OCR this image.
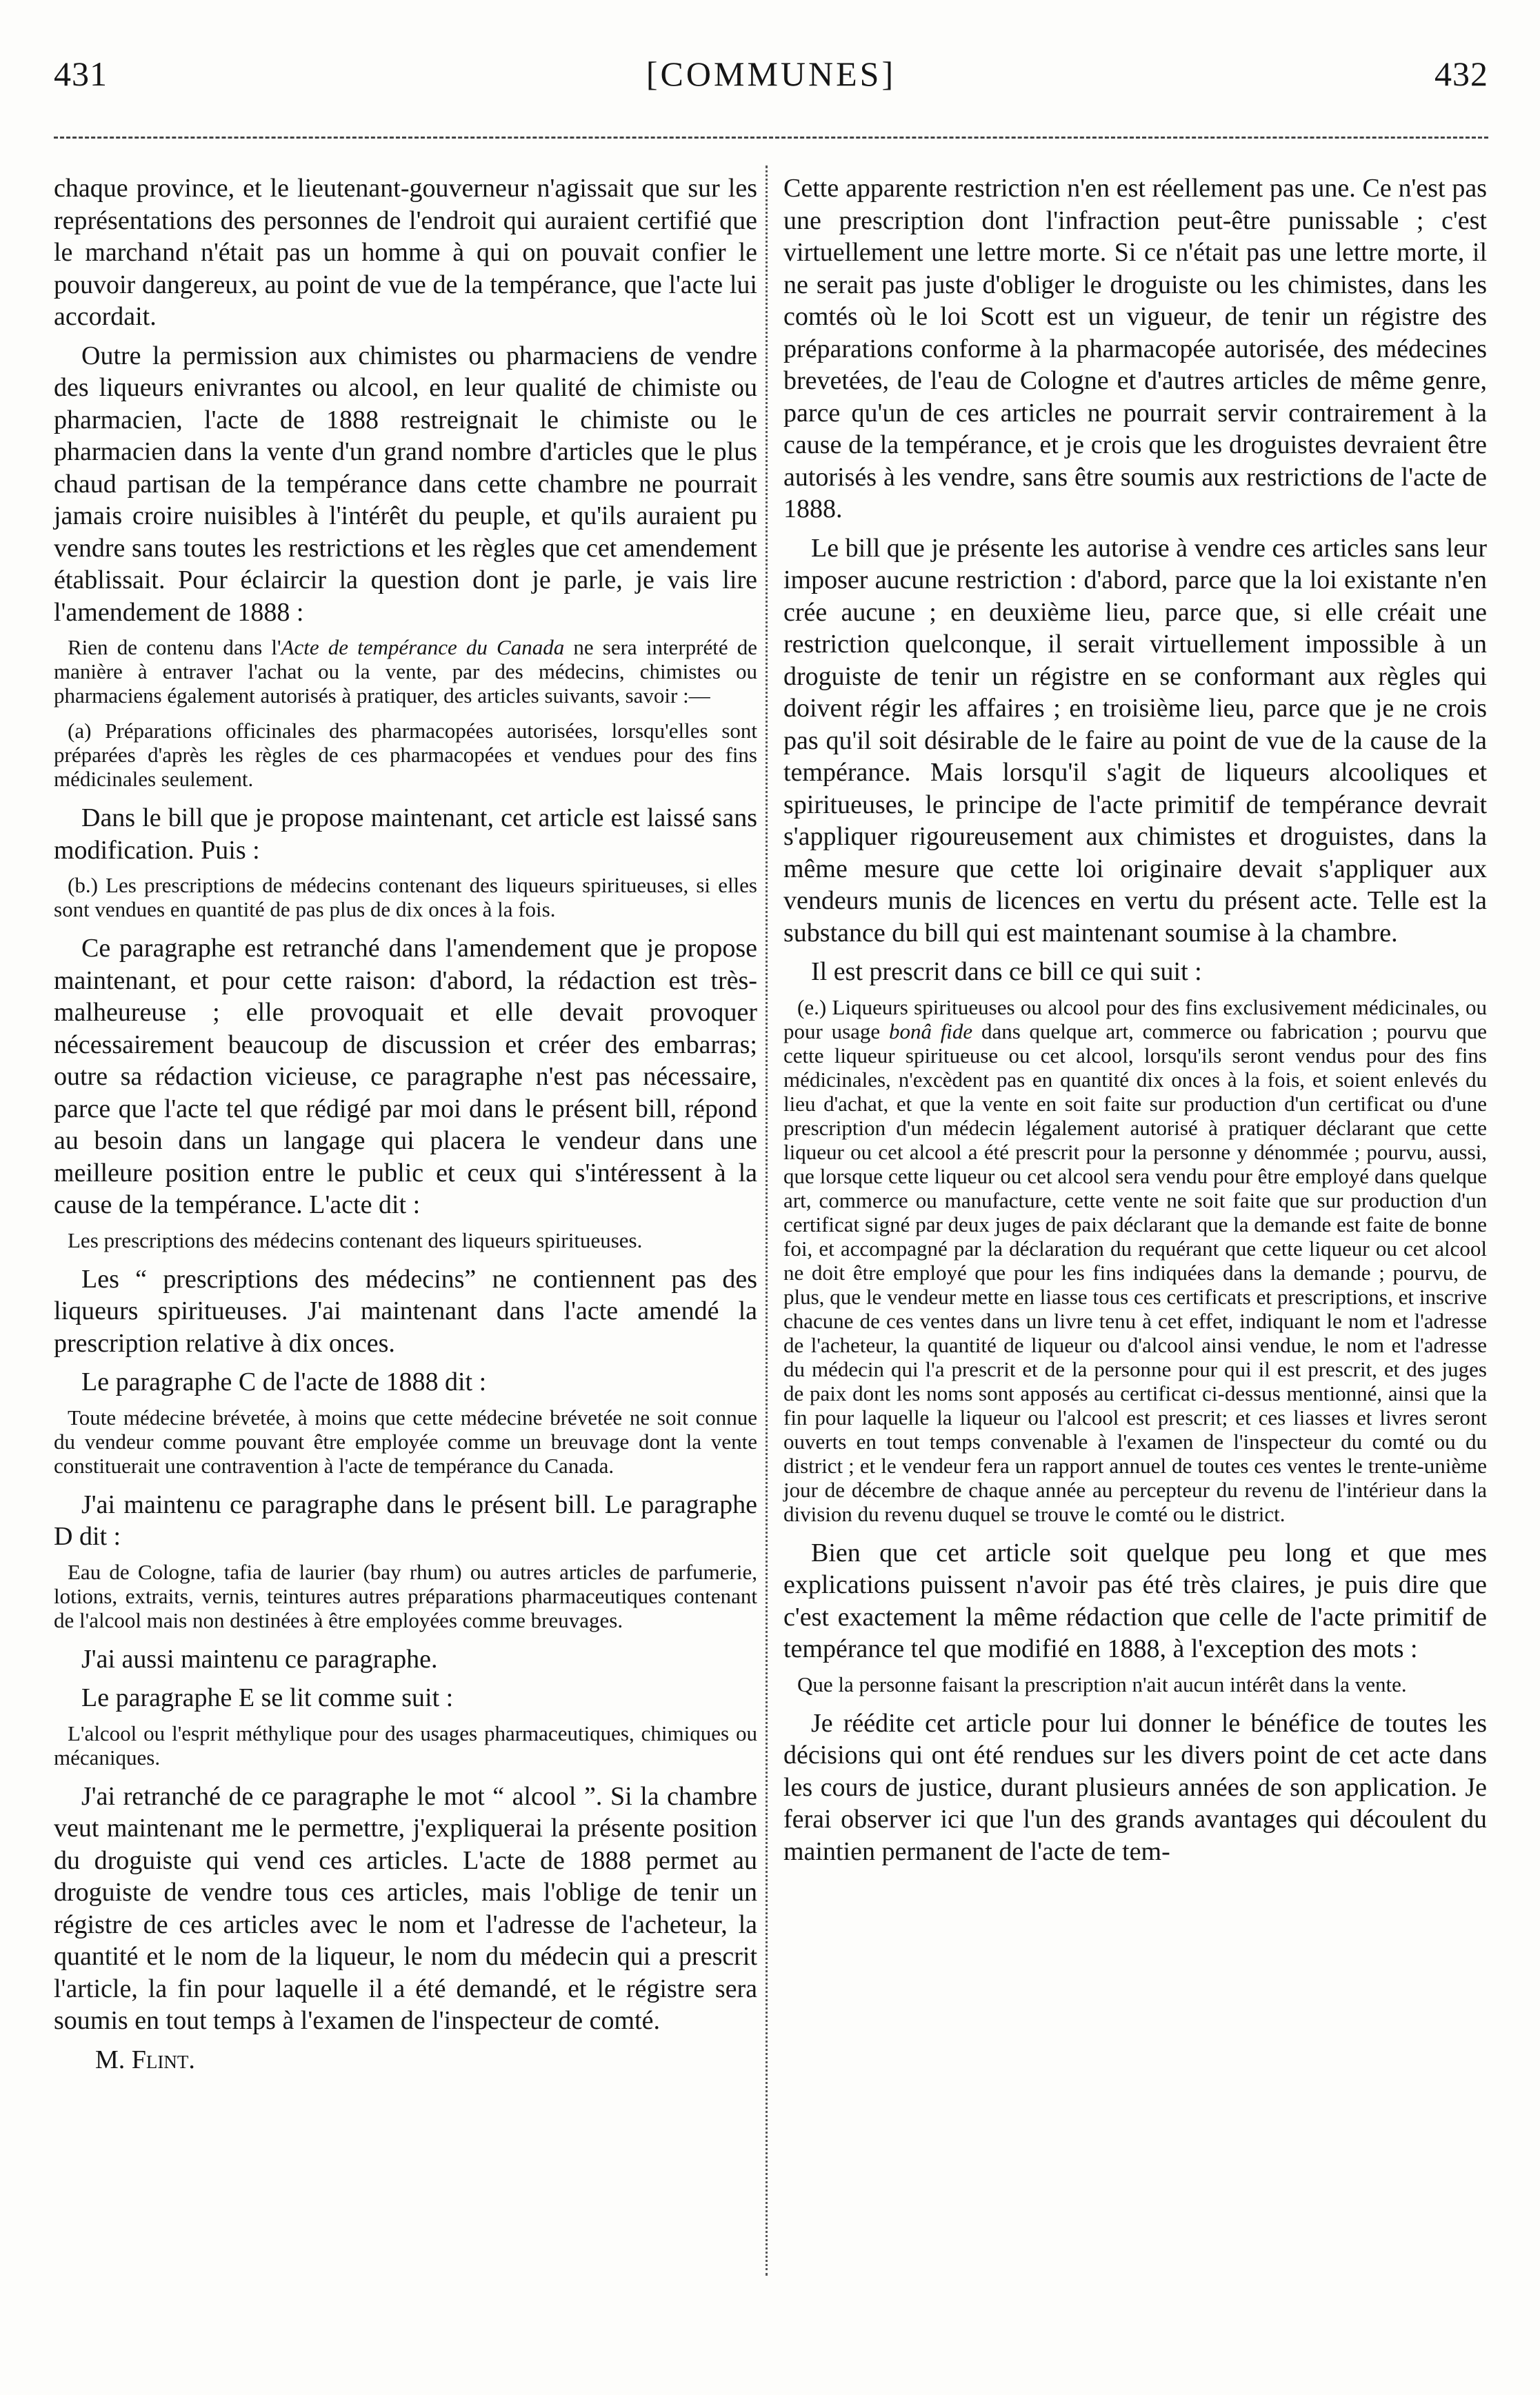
431	[COMMUNES]	432

chaque province, et le lieutenant-gouverneur n'agissait que sur les représentations des personnes de l'endroit qui auraient certifié que le marchand n'était pas un homme à qui on pouvait confier le pouvoir dangereux, au point de vue de la tempérance, que l'acte lui accordait.

Outre la permission aux chimistes ou pharmaciens de vendre des liqueurs enivrantes ou alcool, en leur qualité de chimiste ou pharmacien, l'acte de 1888 restreignait le chimiste ou le pharmacien dans la vente d'un grand nombre d'articles que le plus chaud partisan de la tempérance dans cette chambre ne pourrait jamais croire nuisibles à l'intérêt du peuple, et qu'ils auraient pu vendre sans toutes les restrictions et les règles que cet amendement établissait. Pour éclaircir la question dont je parle, je vais lire l'amendement de 1888 :

Rien de contenu dans l'Acte de tempérance du Canada ne sera interprété de manière à entraver l'achat ou la vente, par des médecins, chimistes ou pharmaciens également autorisés à pratiquer, des articles suivants, savoir :—

(a) Préparations officinales des pharmacopées autorisées, lorsqu'elles sont préparées d'après les règles de ces pharmacopées et vendues pour des fins médicinales seulement.

Dans le bill que je propose maintenant, cet article est laissé sans modification. Puis :

(b.) Les prescriptions de médecins contenant des liqueurs spiritueuses, si elles sont vendues en quantité de pas plus de dix onces à la fois.

Ce paragraphe est retranché dans l'amendement que je propose maintenant, et pour cette raison: d'abord, la rédaction est très-malheureuse ; elle provoquait et elle devait provoquer nécessairement beaucoup de discussion et créer des embarras; outre sa rédaction vicieuse, ce paragraphe n'est pas nécessaire, parce que l'acte tel que rédigé par moi dans le présent bill, répond au besoin dans un langage qui placera le vendeur dans une meilleure position entre le public et ceux qui s'intéressent à la cause de la tempérance. L'acte dit :

Les prescriptions des médecins contenant des liqueurs spiritueuses.

Les “ prescriptions des médecins” ne contiennent pas des liqueurs spiritueuses. J'ai maintenant dans l'acte amendé la prescription relative à dix onces.

Le paragraphe C de l'acte de 1888 dit :

Toute médecine brévetée, à moins que cette médecine brévetée ne soit connue du vendeur comme pouvant être employée comme un breuvage dont la vente constituerait une contravention à l'acte de tempérance du Canada.

J'ai maintenu ce paragraphe dans le présent bill. Le paragraphe D dit :

Eau de Cologne, tafia de laurier (bay rhum) ou autres articles de parfumerie, lotions, extraits, vernis, teintures autres préparations pharmaceutiques contenant de l'alcool mais non destinées à être employées comme breuvages.

J'ai aussi maintenu ce paragraphe.

Le paragraphe E se lit comme suit :

L'alcool ou l'esprit méthylique pour des usages pharmaceutiques, chimiques ou mécaniques.

J'ai retranché de ce paragraphe le mot “ alcool ”. Si la chambre veut maintenant me le permettre, j'expliquerai la présente position du droguiste qui vend ces articles. L'acte de 1888 permet au droguiste de vendre tous ces articles, mais l'oblige de tenir un régistre de ces articles avec le nom et l'adresse de l'acheteur, la quantité et le nom de la liqueur, le nom du médecin qui a prescrit l'article, la fin pour laquelle il a été demandé, et le régistre sera soumis en tout temps à l'examen de l'inspecteur de comté.

M. Flint.

Cette apparente restriction n'en est réellement pas une. Ce n'est pas une prescription dont l'infraction peut-être punissable ; c'est virtuellement une lettre morte. Si ce n'était pas une lettre morte, il ne serait pas juste d'obliger le droguiste ou les chimistes, dans les comtés où le loi Scott est un vigueur, de tenir un régistre des préparations conforme à la pharmacopée autorisée, des médecines brevetées, de l'eau de Cologne et d'autres articles de même genre, parce qu'un de ces articles ne pourrait servir contrairement à la cause de la tempérance, et je crois que les droguistes devraient être autorisés à les vendre, sans être soumis aux restrictions de l'acte de 1888.

Le bill que je présente les autorise à vendre ces articles sans leur imposer aucune restriction : d'abord, parce que la loi existante n'en crée aucune ; en deuxième lieu, parce que, si elle créait une restriction quelconque, il serait virtuellement impossible à un droguiste de tenir un régistre en se conformant aux règles qui doivent régir les affaires ; en troisième lieu, parce que je ne crois pas qu'il soit désirable de le faire au point de vue de la cause de la tempérance. Mais lorsqu'il s'agit de liqueurs alcooliques et spiritueuses, le principe de l'acte primitif de tempérance devrait s'appliquer rigoureusement aux chimistes et droguistes, dans la même mesure que cette loi originaire devait s'appliquer aux vendeurs munis de licences en vertu du présent acte. Telle est la substance du bill qui est maintenant soumise à la chambre.

Il est prescrit dans ce bill ce qui suit :

(e.) Liqueurs spiritueuses ou alcool pour des fins exclusivement médicinales, ou pour usage bonâ fide dans quelque art, commerce ou fabrication ; pourvu que cette liqueur spiritueuse ou cet alcool, lorsqu'ils seront vendus pour des fins médicinales, n'excèdent pas en quantité dix onces à la fois, et soient enlevés du lieu d'achat, et que la vente en soit faite sur production d'un certificat ou d'une prescription d'un médecin légalement autorisé à pratiquer déclarant que cette liqueur ou cet alcool a été prescrit pour la personne y dénommée ; pourvu, aussi, que lorsque cette liqueur ou cet alcool sera vendu pour être employé dans quelque art, commerce ou manufacture, cette vente ne soit faite que sur production d'un certificat signé par deux juges de paix déclarant que la demande est faite de bonne foi, et accompagné par la déclaration du requérant que cette liqueur ou cet alcool ne doit être employé que pour les fins indiquées dans la demande ; pourvu, de plus, que le vendeur mette en liasse tous ces certificats et prescriptions, et inscrive chacune de ces ventes dans un livre tenu à cet effet, indiquant le nom et l'adresse de l'acheteur, la quantité de liqueur ou d'alcool ainsi vendue, le nom et l'adresse du médecin qui l'a prescrit et de la personne pour qui il est prescrit, et des juges de paix dont les noms sont apposés au certificat ci-dessus mentionné, ainsi que la fin pour laquelle la liqueur ou l'alcool est prescrit; et ces liasses et livres seront ouverts en tout temps convenable à l'examen de l'inspecteur du comté ou du district ; et le vendeur fera un rapport annuel de toutes ces ventes le trente-unième jour de décembre de chaque année au percepteur du revenu de l'intérieur dans la division du revenu duquel se trouve le comté ou le district.

Bien que cet article soit quelque peu long et que mes explications puissent n'avoir pas été très claires, je puis dire que c'est exactement la même rédaction que celle de l'acte primitif de tempérance tel que modifié en 1888, à l'exception des mots :

Que la personne faisant la prescription n'ait aucun intérêt dans la vente.

Je réédite cet article pour lui donner le bénéfice de toutes les décisions qui ont été rendues sur les divers point de cet acte dans les cours de justice, durant plusieurs années de son application. Je ferai observer ici que l'un des grands avantages qui découlent du maintien permanent de l'acte de tem-
